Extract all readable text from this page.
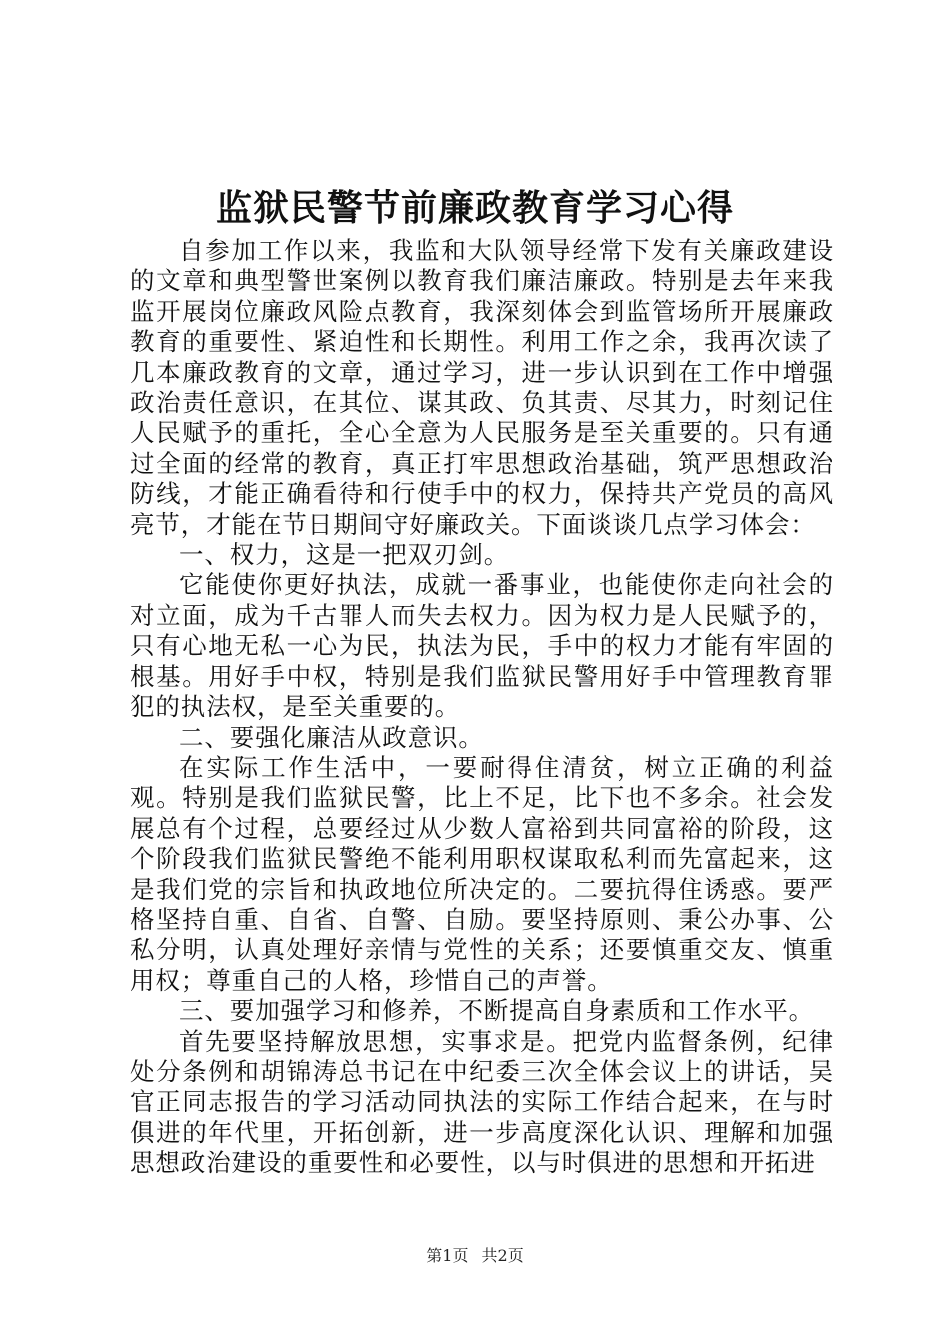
监狱民警节前廉政教育学习心得

自参加工作以来，我监和大队领导经常下发有关廉政建设的文章和典型警世案例以教育我们廉洁廉政。特别是去年来我监开展岗位廉政风险点教育，我深刻体会到监管场所开展廉政教育的重要性、紧迫性和长期性。利用工作之余，我再次读了几本廉政教育的文章，通过学习，进一步认识到在工作中增强政治责任意识，在其位、谋其政、负其责、尽其力，时刻记住人民赋予的重托，全心全意为人民服务是至关重要的。只有通过全面的经常的教育，真正打牢思想政治基础，筑严思想政治防线，才能正确看待和行使手中的权力，保持共产党员的高风亮节，才能在节日期间守好廉政关。下面谈谈几点学习体会：

一、权力，这是一把双刃剑。

它能使你更好执法，成就一番事业，也能使你走向社会的对立面，成为千古罪人而失去权力。因为权力是人民赋予的，只有心地无私一心为民，执法为民，手中的权力才能有牢固的根基。用好手中权，特别是我们监狱民警用好手中管理教育罪犯的执法权，是至关重要的。

二、要强化廉洁从政意识。

在实际工作生活中，一要耐得住清贫，树立正确的利益观。特别是我们监狱民警，比上不足，比下也不多余。社会发展总有个过程，总要经过从少数人富裕到共同富裕的阶段，这个阶段我们监狱民警绝不能利用职权谋取私利而先富起来，这是我们党的宗旨和执政地位所决定的。二要抗得住诱惑。要严格坚持自重、自省、自警、自励。要坚持原则、秉公办事、公私分明，认真处理好亲情与党性的关系；还要慎重交友、慎重用权；尊重自己的人格，珍惜自己的声誉。

三、要加强学习和修养，不断提高自身素质和工作水平。

首先要坚持解放思想，实事求是。把党内监督条例，纪律处分条例和胡锦涛总书记在中纪委三次全体会议上的讲话，吴官正同志报告的学习活动同执法的实际工作结合起来，在与时俱进的年代里，开拓创新，进一步高度深化认识、理解和加强思想政治建设的重要性和必要性，以与时俱进的思想和开拓进

第1页 共2页
